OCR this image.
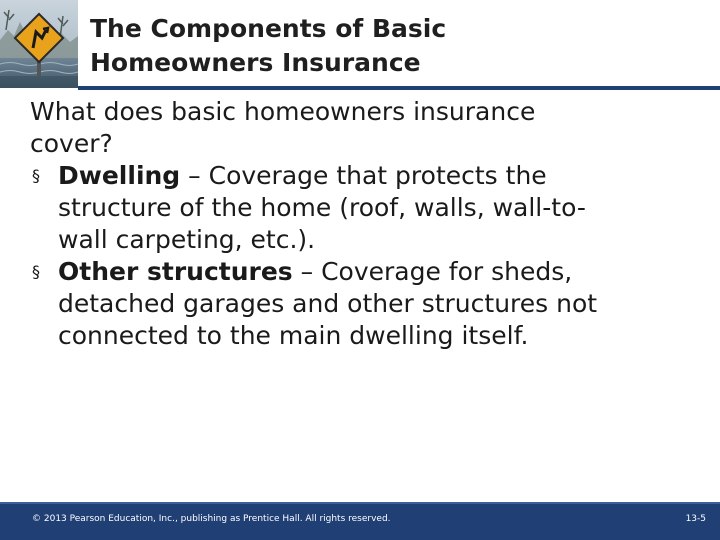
The Components of Basic
Homeowners Insurance

What does basic homeowners insurance
cover?

§ Dwelling – Coverage that protects the
structure of the home (roof, walls, wall-to-
wall carpeting, etc.).

§ Other structures – Coverage for sheds,
detached garages and other structures not
connected to the main dwelling itself.

© 2013 Pearson Education, Inc., publishing as Prentice Hall. All rights reserved.	13-5
